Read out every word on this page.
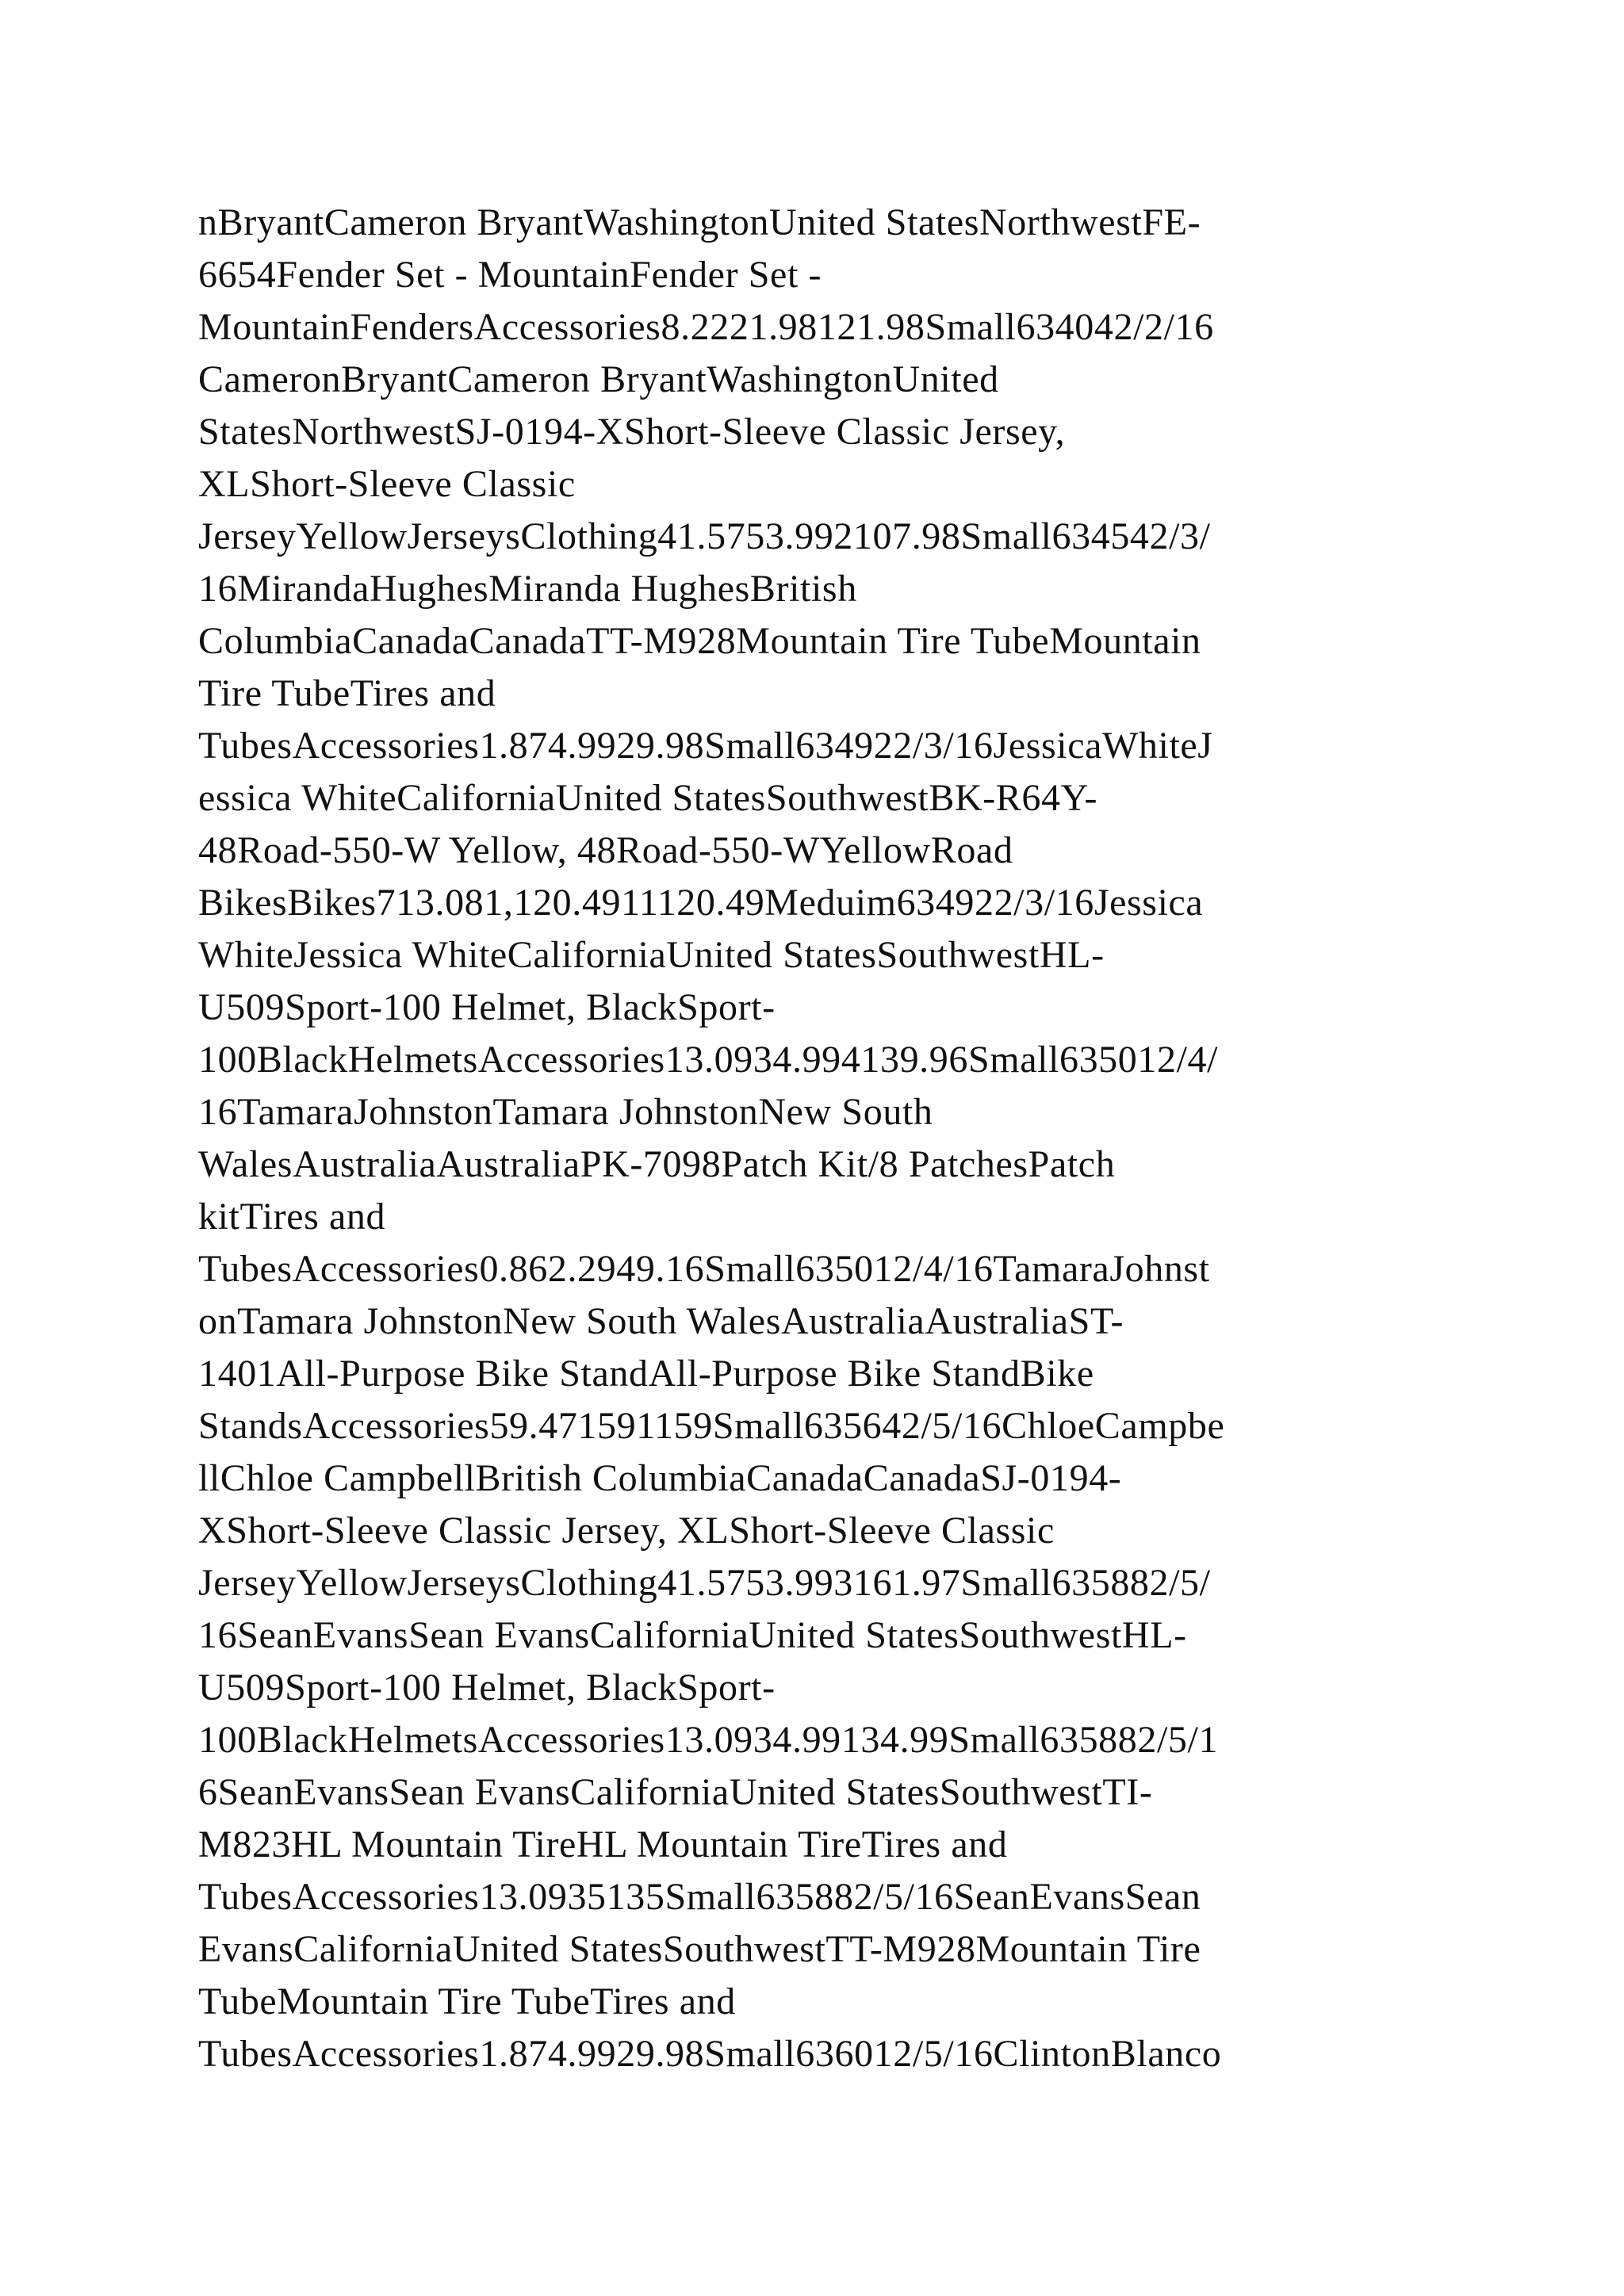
nBryantCameron BryantWashingtonUnited StatesNorthwestFE-
6654Fender Set - MountainFender Set -
MountainFendersAccessories8.2221.98121.98Small634042/2/16
CameronBryantCameron BryantWashingtonUnited
StatesNorthwestSJ-0194-XShort-Sleeve Classic Jersey,
XLShort-Sleeve Classic
JerseyYellowJerseysClothing41.5753.992107.98Small634542/3/
16MirandaHughesMiranda HughesBritish
ColumbiaCanadaCanadaTT-M928Mountain Tire TubeMountain
Tire TubeTires and
TubesAccessories1.874.9929.98Small634922/3/16JessicaWhiteJ
essica WhiteCaliforniaUnited StatesSouthwestBK-R64Y-
48Road-550-W Yellow, 48Road-550-WYellowRoad
BikesBikes713.081,120.4911120.49Meduim634922/3/16Jessica
WhiteJessica WhiteCaliforniaUnited StatesSouthwestHL-
U509Sport-100 Helmet, BlackSport-
100BlackHelmetsAccessories13.0934.994139.96Small635012/4/
16TamaraJohnstonTamara JohnstonNew South
WalesAustraliaAustraliaPK-7098Patch Kit/8 PatchesPatch
kitTires and
TubesAccessories0.862.2949.16Small635012/4/16TamaraJohnst
onTamara JohnstonNew South WalesAustraliaAustraliaST-
1401All-Purpose Bike StandAll-Purpose Bike StandBike
StandsAccessories59.471591159Small635642/5/16ChloeCampbe
llChloe CampbellBritish ColumbiaCanadaCanadaSJ-0194-
XShort-Sleeve Classic Jersey, XLShort-Sleeve Classic
JerseyYellowJerseysClothing41.5753.993161.97Small635882/5/
16SeanEvansSean EvansCaliforniaUnited StatesSouthwestHL-
U509Sport-100 Helmet, BlackSport-
100BlackHelmetsAccessories13.0934.99134.99Small635882/5/1
6SeanEvansSean EvansCaliforniaUnited StatesSouthwestTI-
M823HL Mountain TireHL Mountain TireTires and
TubesAccessories13.0935135Small635882/5/16SeanEvansSean
EvansCaliforniaUnited StatesSouthwestTT-M928Mountain Tire
TubeMountain Tire TubeTires and
TubesAccessories1.874.9929.98Small636012/5/16ClintonBlanco
